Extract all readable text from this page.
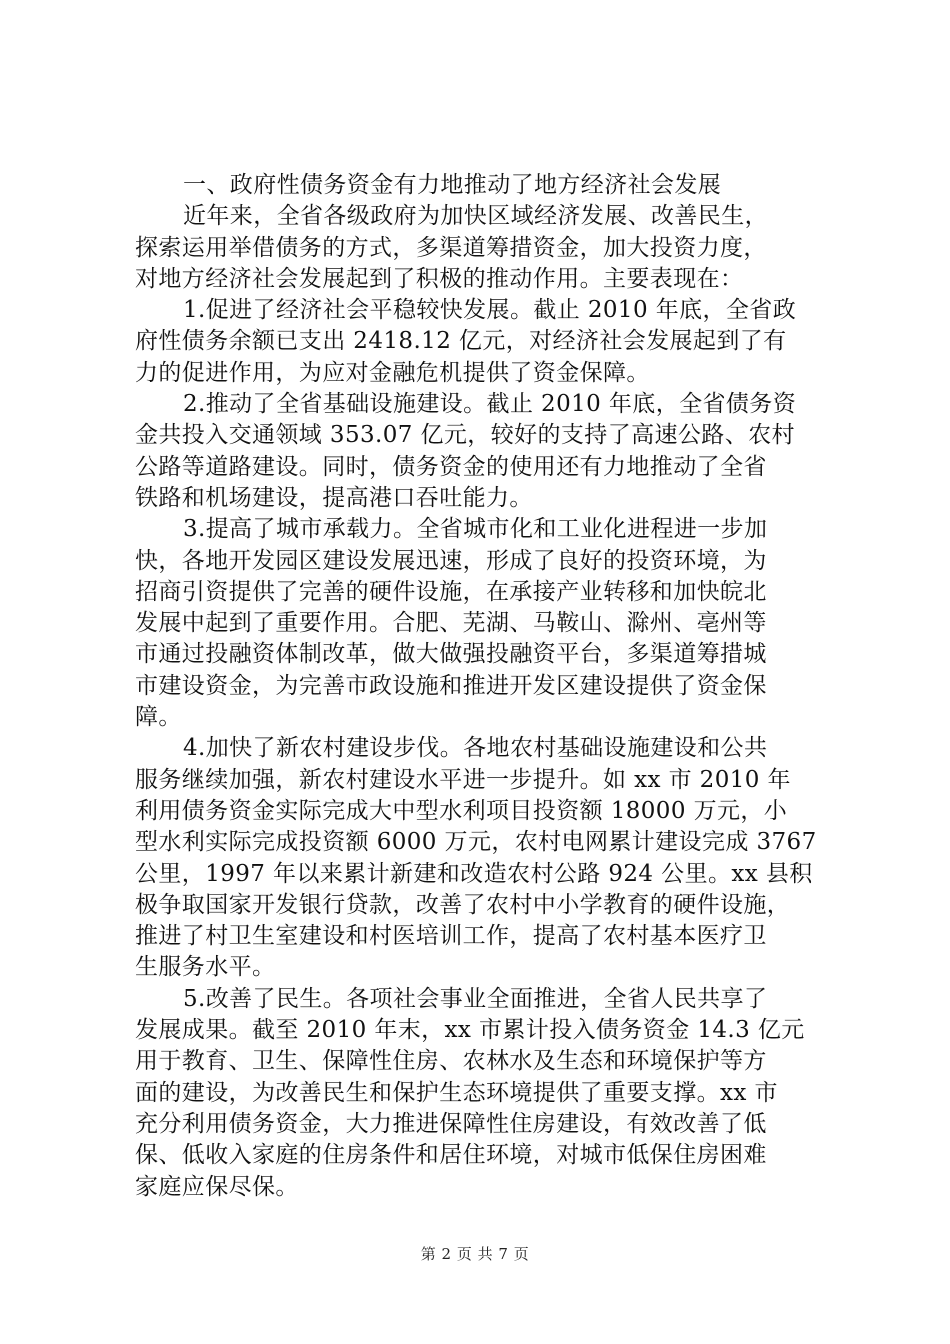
一、政府性债务资金有力地推动了地方经济社会发展
近年来，全省各级政府为加快区域经济发展、改善民生，
探索运用举借债务的方式，多渠道筹措资金，加大投资力度，
对地方经济社会发展起到了积极的推动作用。主要表现在：
1.促进了经济社会平稳较快发展。截止 2010 年底，全省政
府性债务余额已支出 2418.12 亿元，对经济社会发展起到了有
力的促进作用，为应对金融危机提供了资金保障。
2.推动了全省基础设施建设。截止 2010 年底，全省债务资
金共投入交通领域 353.07 亿元，较好的支持了高速公路、农村
公路等道路建设。同时，债务资金的使用还有力地推动了全省
铁路和机场建设，提高港口吞吐能力。
3.提高了城市承载力。全省城市化和工业化进程进一步加
快，各地开发园区建设发展迅速，形成了良好的投资环境，为
招商引资提供了完善的硬件设施，在承接产业转移和加快皖北
发展中起到了重要作用。合肥、芜湖、马鞍山、滁州、亳州等
市通过投融资体制改革，做大做强投融资平台，多渠道筹措城
市建设资金，为完善市政设施和推进开发区建设提供了资金保
障。
4.加快了新农村建设步伐。各地农村基础设施建设和公共
服务继续加强，新农村建设水平进一步提升。如 xx 市 2010 年
利用债务资金实际完成大中型水利项目投资额 18000 万元，小
型水利实际完成投资额 6000 万元，农村电网累计建设完成 3767
公里，1997 年以来累计新建和改造农村公路 924 公里。xx 县积
极争取国家开发银行贷款，改善了农村中小学教育的硬件设施，
推进了村卫生室建设和村医培训工作，提高了农村基本医疗卫
生服务水平。
5.改善了民生。各项社会事业全面推进，全省人民共享了
发展成果。截至 2010 年末，xx 市累计投入债务资金 14.3 亿元
用于教育、卫生、保障性住房、农林水及生态和环境保护等方
面的建设，为改善民生和保护生态环境提供了重要支撑。xx 市
充分利用债务资金，大力推进保障性住房建设，有效改善了低
保、低收入家庭的住房条件和居住环境，对城市低保住房困难
家庭应保尽保。
第 2 页 共 7 页
